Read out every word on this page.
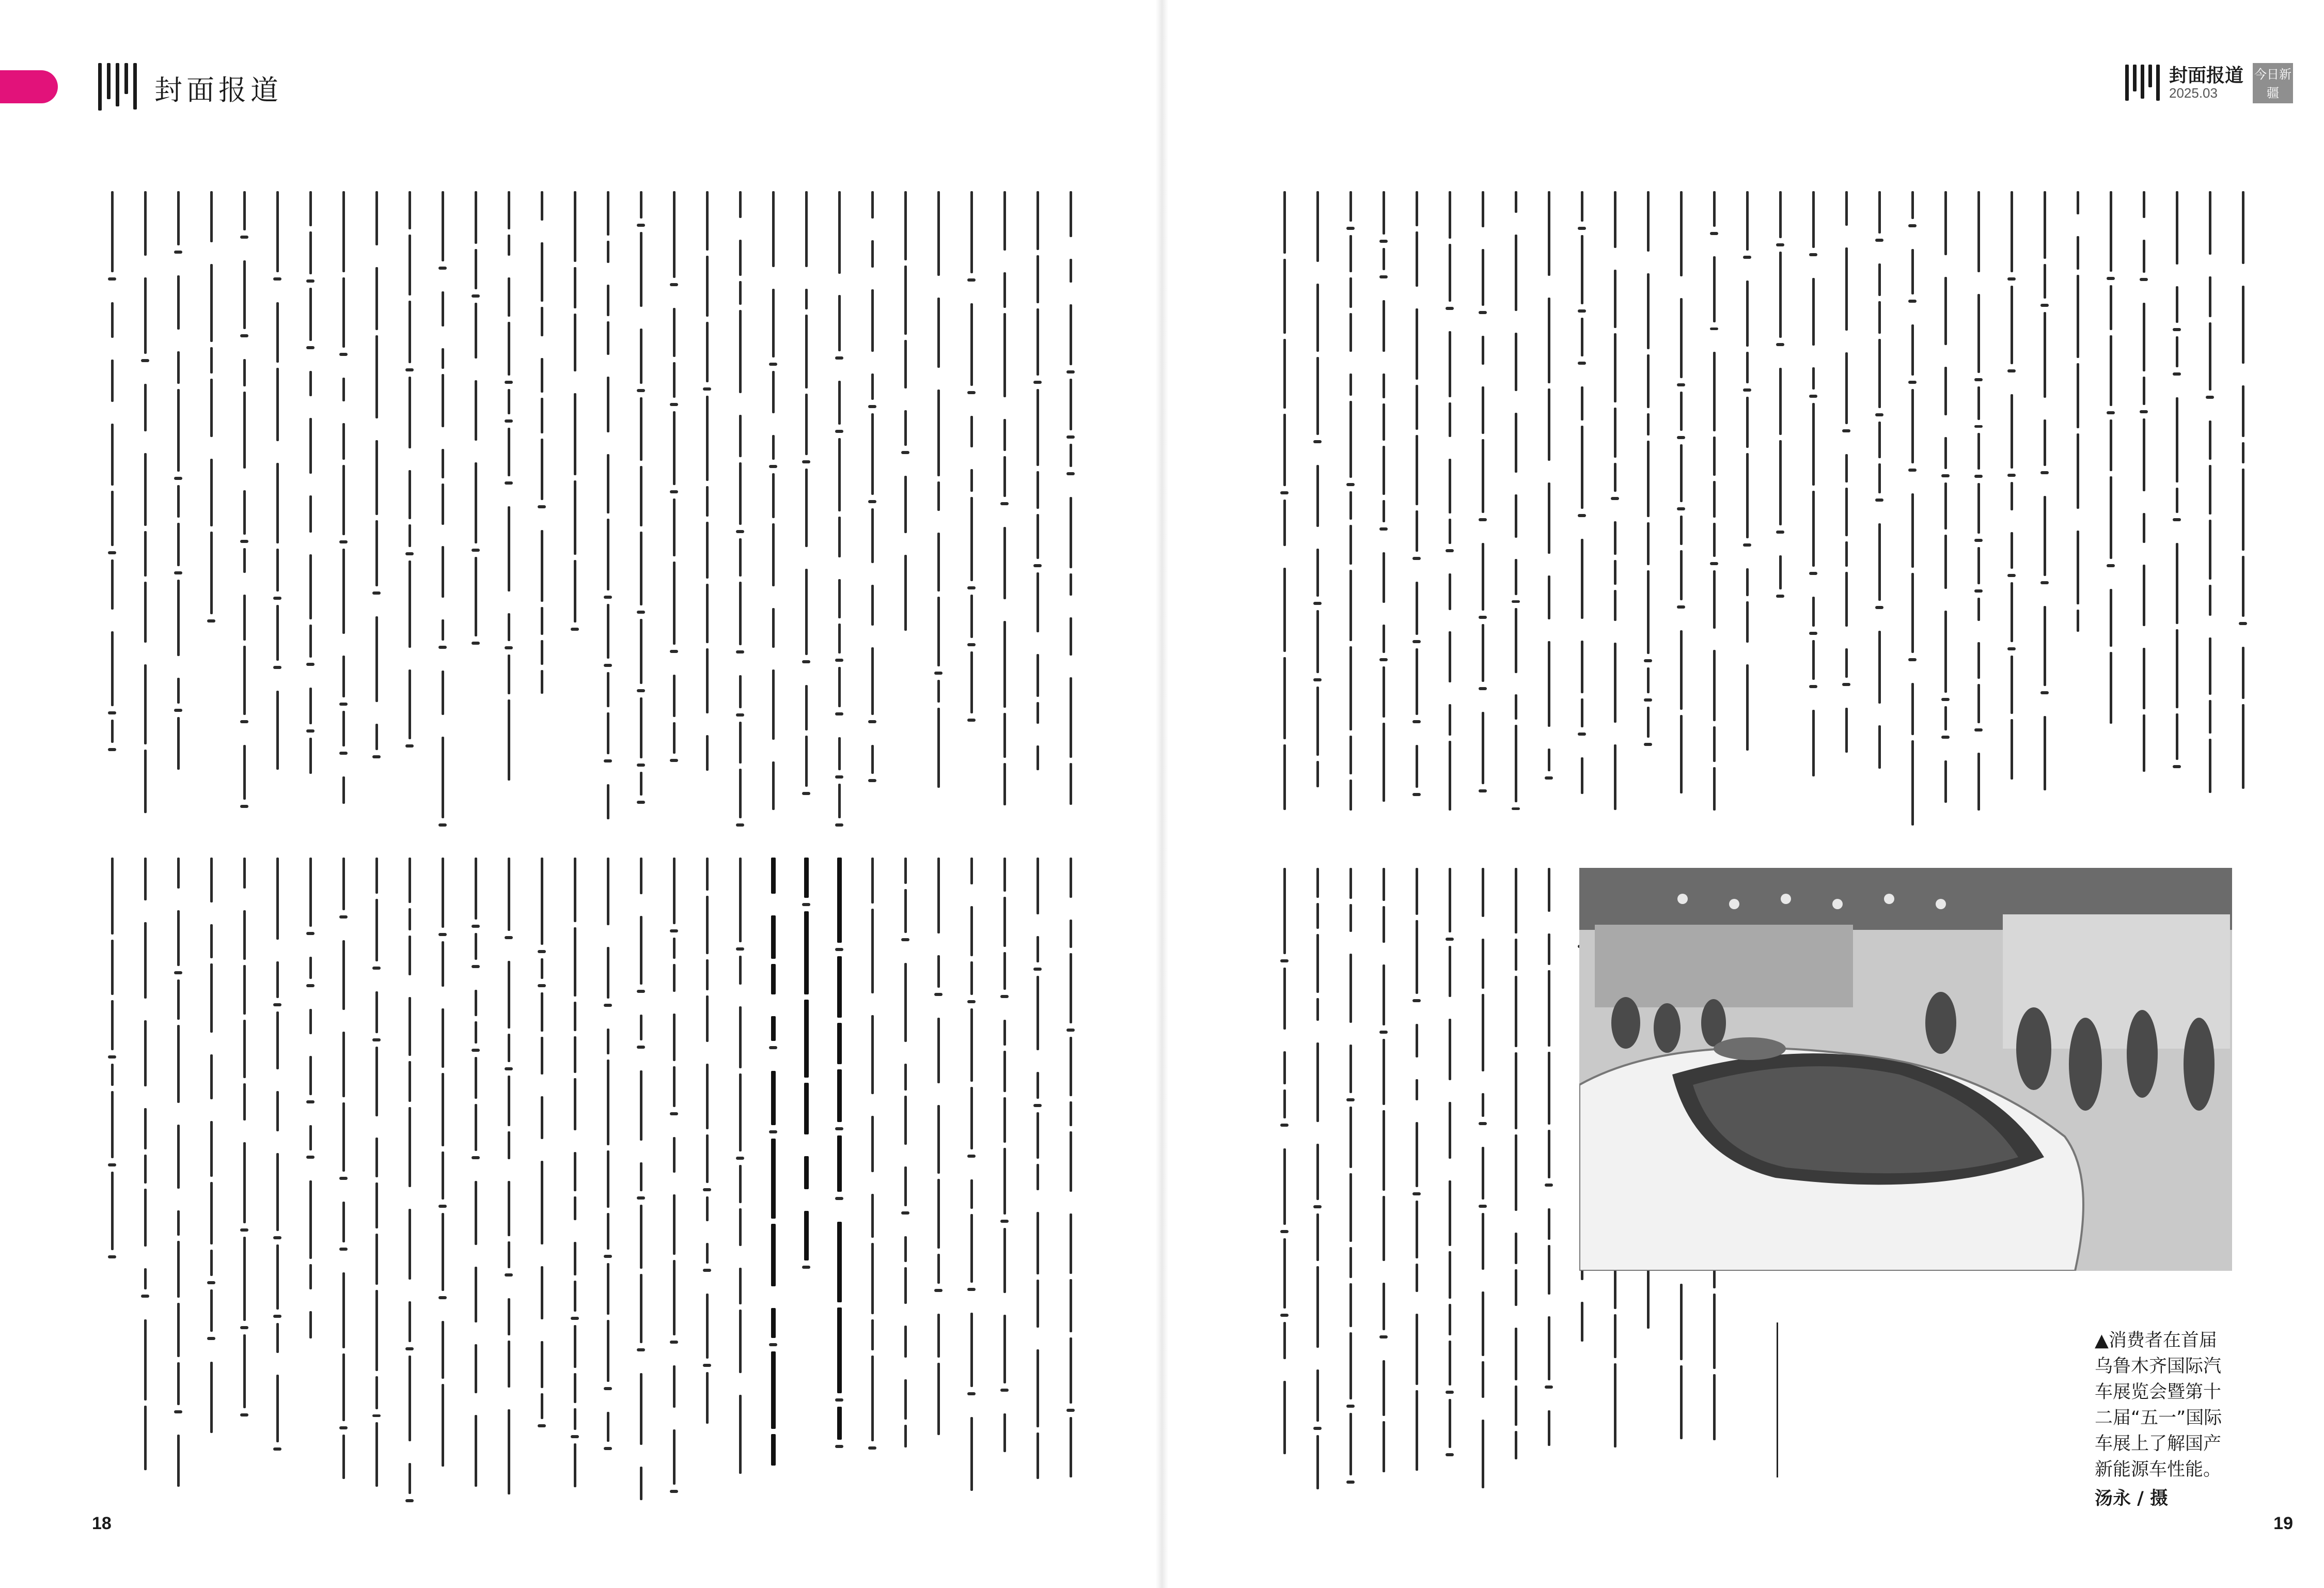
封面报道
18
封面报道
2025.03
今日新疆
19
▲消费者在首届乌鲁木齐国际汽车展览会暨第十二届“五一”国际车展上了解国产新能源车性能。
汤永 / 摄
